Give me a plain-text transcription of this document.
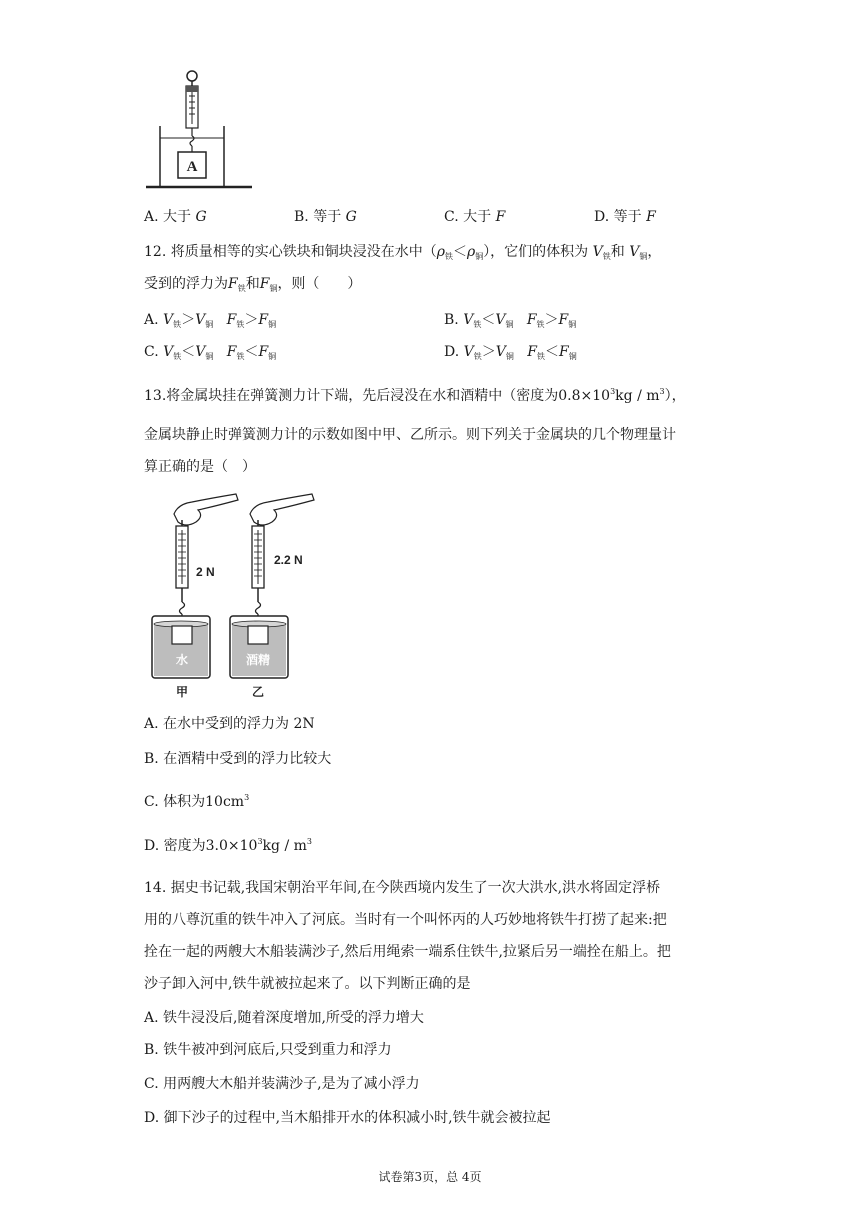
A
A. 大于 G	B. 等于 G	C. 大于 F	D. 等于 F
12. 将质量相等的实心铁块和铜块浸没在水中$(\rho_铁<\rho_铜)$，它们的体积为 $V_铁$和 $V_铜$，
受到的浮力为$F_铁$和$F_铜$，则（　　）
A. $V_铁>V_铜$ $F_铁>F_铜$	B. $V_铁<V_铜$ $F_铁>F_铜$
C. $V_铁<V_铜$ $F_铁<F_铜$	D. $V_铁>V_铜$ $F_铁<F_铜$
13.将金属块挂在弹簧测力计下端，先后浸没在水和酒精中（密度为$0.8\times 10^3kg / m^3$），
金属块静止时弹簧测力计的示数如图中甲、乙所示。则下列关于金属块的几个物理量计
算正确的是（　）
2 N
水
甲
2.2 N
酒精
乙
A. 在水中受到的浮力为 2N
B. 在酒精中受到的浮力比较大
C. 体积为$10cm^3$
D. 密度为$3.0\times 10^3kg / m^3$
14. 据史书记载,我国宋朝治平年间,在今陕西境内发生了一次大洪水,洪水将固定浮桥
用的八尊沉重的铁牛冲入了河底。当时有一个叫怀丙的人巧妙地将铁牛打捞了起来:把
拴在一起的两艘大木船装满沙子,然后用绳索一端系住铁牛,拉紧后另一端拴在船上。把
沙子卸入河中,铁牛就被拉起来了。以下判断正确的是
A. 铁牛浸没后,随着深度增加,所受的浮力增大
B. 铁牛被冲到河底后,只受到重力和浮力
C. 用两艘大木船并装满沙子,是为了减小浮力
D. 御下沙子的过程中,当木船排开水的体积减小时,铁牛就会被拉起
试卷第3页，总 4页
